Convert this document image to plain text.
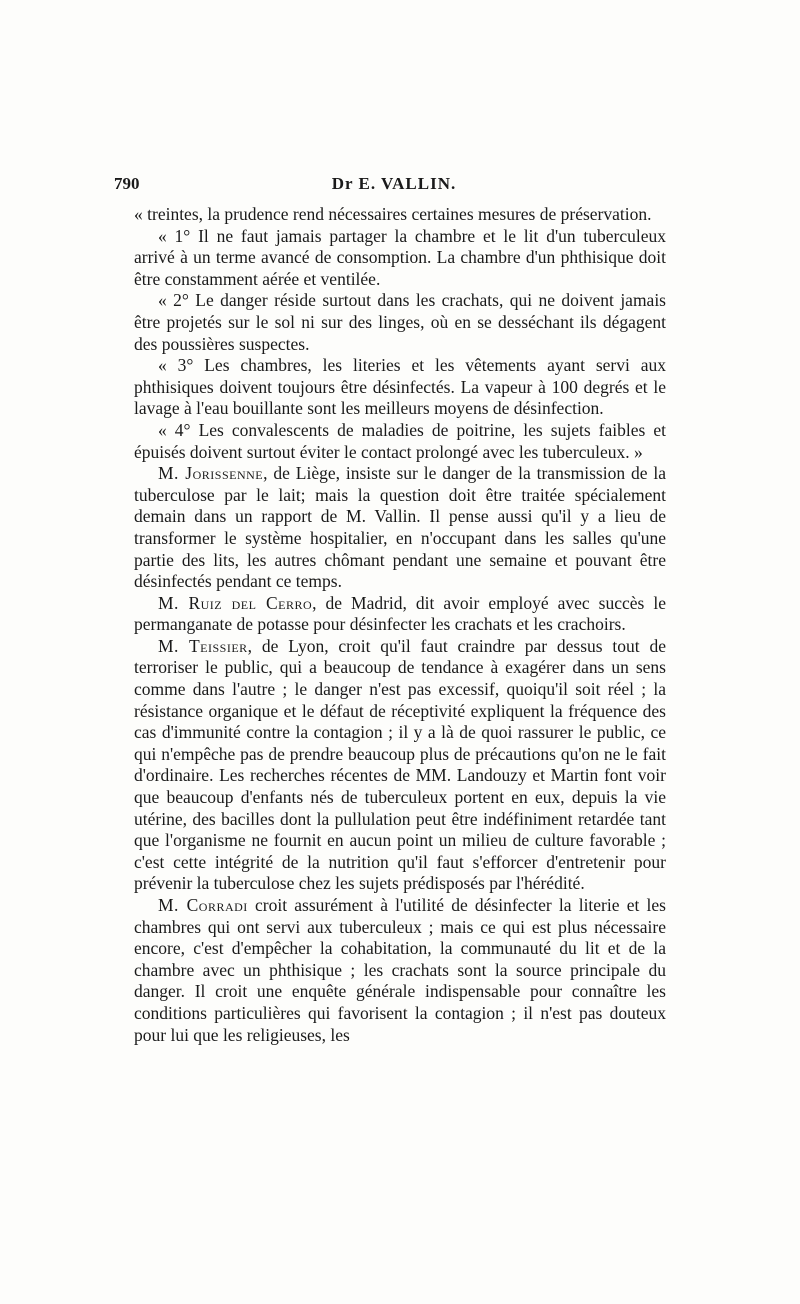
790	Dr E. VALLIN.

« treintes, la prudence rend nécessaires certaines mesures de préservation.

« 1° Il ne faut jamais partager la chambre et le lit d'un tuberculeux arrivé à un terme avancé de consomption. La chambre d'un phthisique doit être constamment aérée et ventilée.

« 2° Le danger réside surtout dans les crachats, qui ne doivent jamais être projetés sur le sol ni sur des linges, où en se desséchant ils dégagent des poussières suspectes.

« 3° Les chambres, les literies et les vêtements ayant servi aux phthisiques doivent toujours être désinfectés. La vapeur à 100 degrés et le lavage à l'eau bouillante sont les meilleurs moyens de désinfection.

« 4° Les convalescents de maladies de poitrine, les sujets faibles et épuisés doivent surtout éviter le contact prolongé avec les tuberculeux. »

M. Jorissenne, de Liège, insiste sur le danger de la transmission de la tuberculose par le lait; mais la question doit être traitée spécialement demain dans un rapport de M. Vallin. Il pense aussi qu'il y a lieu de transformer le système hospitalier, en n'occupant dans les salles qu'une partie des lits, les autres chômant pendant une semaine et pouvant être désinfectés pendant ce temps.

M. Ruiz del Cerro, de Madrid, dit avoir employé avec succès le permanganate de potasse pour désinfecter les crachats et les crachoirs.

M. Teissier, de Lyon, croit qu'il faut craindre par dessus tout de terroriser le public, qui a beaucoup de tendance à exagérer dans un sens comme dans l'autre ; le danger n'est pas excessif, quoiqu'il soit réel ; la résistance organique et le défaut de réceptivité expliquent la fréquence des cas d'immunité contre la contagion ; il y a là de quoi rassurer le public, ce qui n'empêche pas de prendre beaucoup plus de précautions qu'on ne le fait d'ordinaire. Les recherches récentes de MM. Landouzy et Martin font voir que beaucoup d'enfants nés de tuberculeux portent en eux, depuis la vie utérine, des bacilles dont la pullulation peut être indéfiniment retardée tant que l'organisme ne fournit en aucun point un milieu de culture favorable ; c'est cette intégrité de la nutrition qu'il faut s'efforcer d'entretenir pour prévenir la tuberculose chez les sujets prédisposés par l'hérédité.

M. Corradi croit assurément à l'utilité de désinfecter la literie et les chambres qui ont servi aux tuberculeux ; mais ce qui est plus nécessaire encore, c'est d'empêcher la cohabitation, la communauté du lit et de la chambre avec un phthisique ; les crachats sont la source principale du danger. Il croit une enquête générale indispensable pour connaître les conditions particulières qui favorisent la contagion ; il n'est pas douteux pour lui que les religieuses, les
